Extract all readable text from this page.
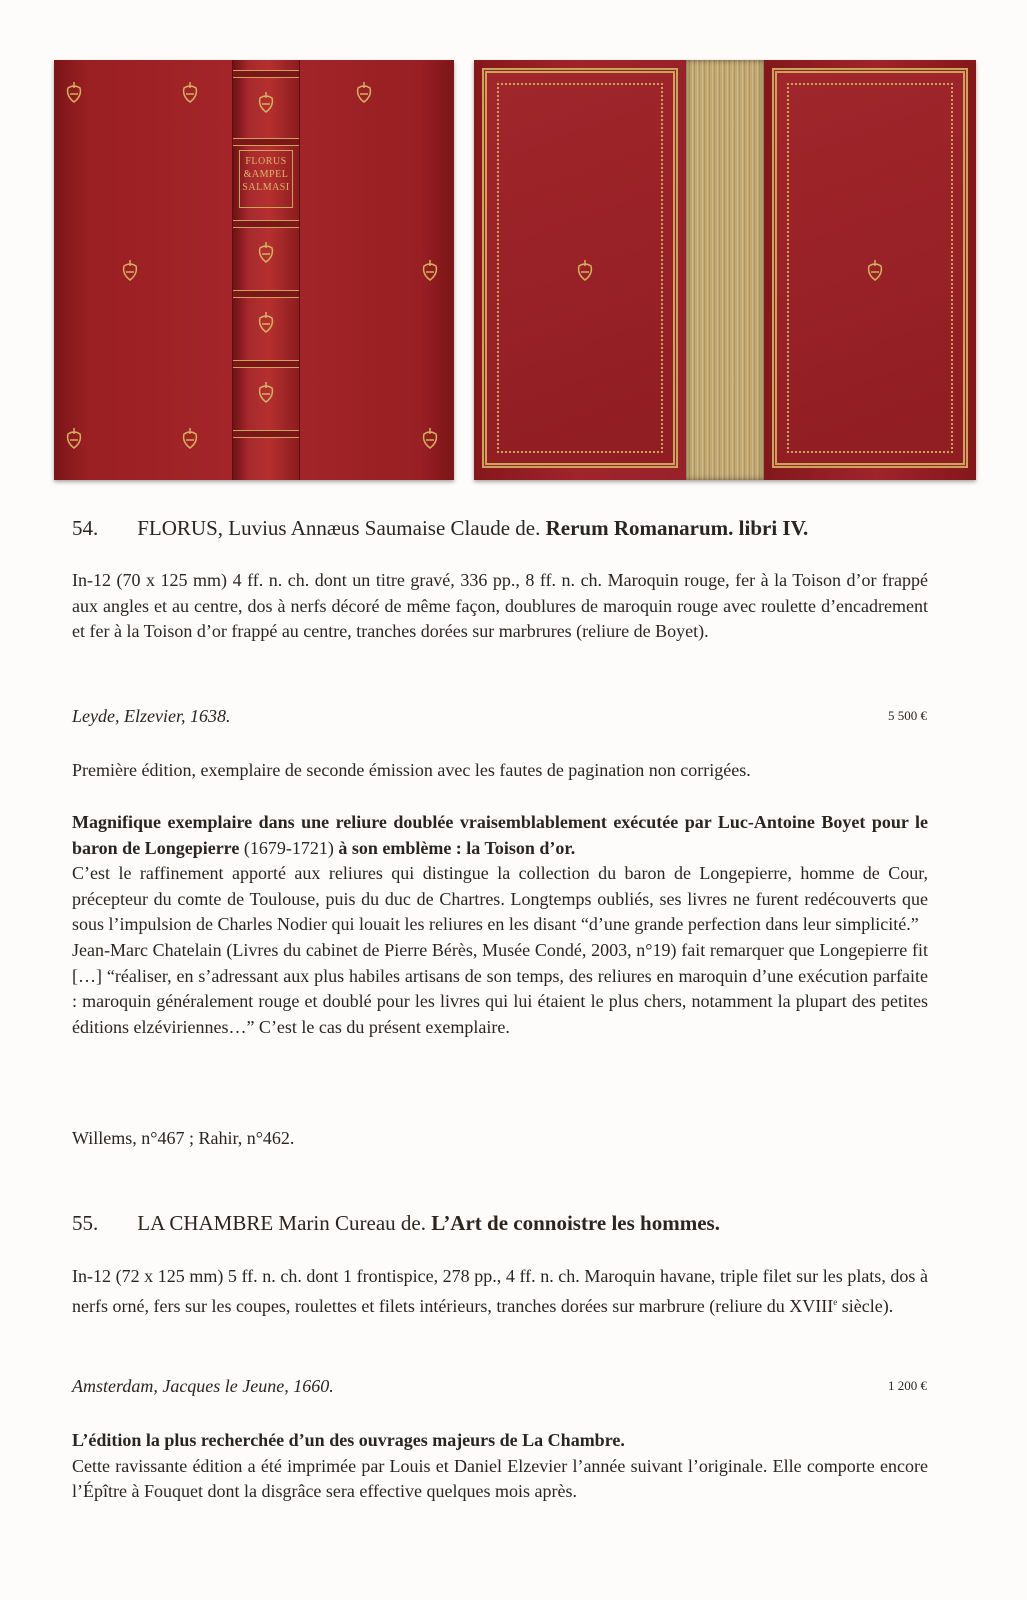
FLORUS
&AMPEL
SALMASI
54. FLORUS, Luvius Annæus Saumaise Claude de. Rerum Romanarum. libri IV.

In-12 (70 x 125 mm) 4 ff. n. ch. dont un titre gravé, 336 pp., 8 ff. n. ch. Maroquin rouge, fer à la Toison d’or frappé aux angles et au centre, dos à nerfs décoré de même façon, doublures de maroquin rouge avec roulette d’encadrement et fer à la Toison d’or frappé au centre, tranches dorées sur marbrures (reliure de Boyet).

Leyde, Elzevier, 1638.	5 500 €

Première édition, exemplaire de seconde émission avec les fautes de pagination non corrigées.

Magnifique exemplaire dans une reliure doublée vraisemblablement exécutée par Luc-Antoine Boyet pour le baron de Longepierre (1679-1721) à son emblème : la Toison d’or.

C’est le raffinement apporté aux reliures qui distingue la collection du baron de Longepierre, homme de Cour, précepteur du comte de Toulouse, puis du duc de Chartres. Longtemps oubliés, ses livres ne furent redécouverts que sous l’impulsion de Charles Nodier qui louait les reliures en les disant “d’une grande perfection dans leur simplicité.”

Jean-Marc Chatelain (Livres du cabinet de Pierre Bérès, Musée Condé, 2003, n°19) fait remarquer que Longepierre fit […] “réaliser, en s’adressant aux plus habiles artisans de son temps, des reliures en maroquin d’une exécution parfaite : maroquin généralement rouge et doublé pour les livres qui lui étaient le plus chers, notamment la plupart des petites éditions elzéviriennes…” C’est le cas du présent exemplaire.

Willems, n°467 ; Rahir, n°462.

55. LA CHAMBRE Marin Cureau de. L’Art de connoistre les hommes.

In-12 (72 x 125 mm) 5 ff. n. ch. dont 1 frontispice, 278 pp., 4 ff. n. ch. Maroquin havane, triple filet sur les plats, dos à nerfs orné, fers sur les coupes, roulettes et filets intérieurs, tranches dorées sur marbrure (reliure du XVIIIe siècle).

Amsterdam, Jacques le Jeune, 1660.	1 200 €

L’édition la plus recherchée d’un des ouvrages majeurs de La Chambre.

Cette ravissante édition a été imprimée par Louis et Daniel Elzevier l’année suivant l’originale. Elle comporte encore l’Épître à Fouquet dont la disgrâce sera effective quelques mois après.
